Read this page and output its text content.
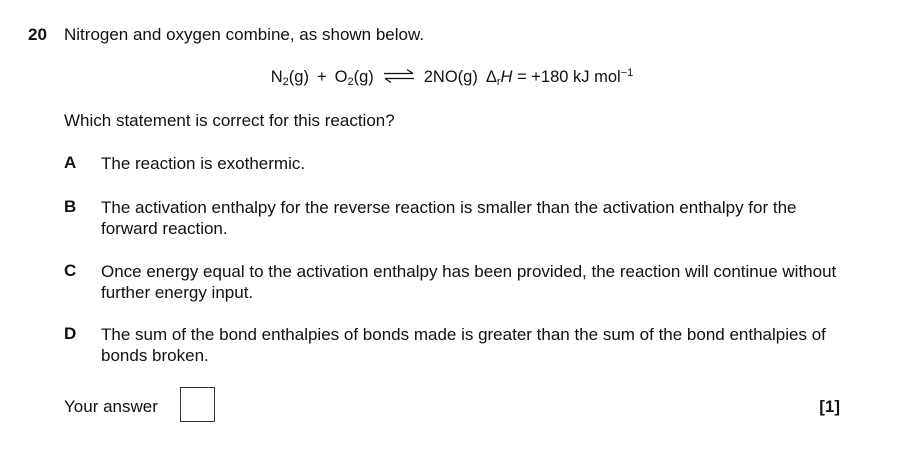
20 Nitrogen and oxygen combine, as shown below.
$N_2(g) + O_2(g)$ ⇌ 2NO(g) $\Delta_rH = +180$ kJ mol$^{-1}$
Which statement is correct for this reaction?
A The reaction is exothermic.
B The activation enthalpy for the reverse reaction is smaller than the activation enthalpy for the forward reaction.
C Once energy equal to the activation enthalpy has been provided, the reaction will continue without further energy input.
D The sum of the bond enthalpies of bonds made is greater than the sum of the bond enthalpies of bonds broken.
Your answer	[1]
